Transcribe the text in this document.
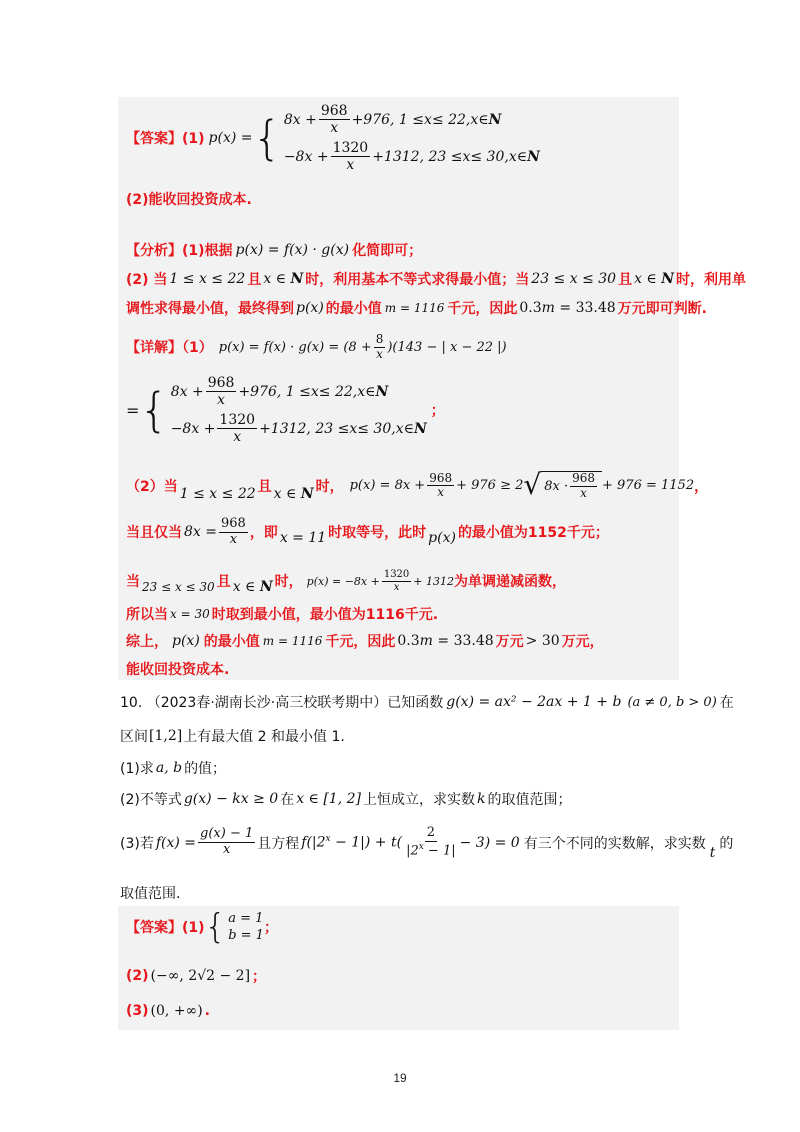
【答案】(1) p ( x ) = { 8 $x + \frac{968}{x} +976$, 1 ≤ x ≤ 22, x ∈ N
−8 $x + \frac{1320}{x} +1312$, 23 ≤ x ≤ 30, x ∈ N
(2)能收回投资成本.
【分析】(1)根据 p(x) = f(x) · g(x) 化简即可；
(2) 当 1 ≤ x ≤ 22 且 x ∈ N 时，利用基本不等式求得最小值；当 23 ≤ x ≤ 30 且 x ∈ N 时，利用单
调性求得最小值，最终得到 p(x) 的最小值 m = 1116 千元，因此 0.3m = 33.48 万元即可判断.
【详解】（1） $p(x) = f(x) \cdot g(x) = (8 + \frac{8}{x} )(143$ − | x − 22 |)
= { 8 $x + \frac{968}{x} +976$, 1 ≤ x ≤ 22, x ∈ N
−8 $x + \frac{1320}{x} +1312$, 23 ≤ x ≤ 30, x ∈ N
；
（2）当 1 ≤ x ≤ 22 且 x ∈ N 时， $p(x) = 8x + \frac{968}{x} + 976 \ge 2$ √ $8x \cdot \frac{968}{x} + 976 = 1152$ ，
当且仅当 $8x = \frac{968}{x}$ ，即 x = 11 时取等号，此时 p(x) 的最小值为1152千元；
当 23 ≤ x ≤ 30 且 x ∈ N 时， $p(x) = -8x + \frac{1320}{x} + 1312$ 为单调递减函数，
所以当 x = 30 时取到最小值，最小值为1116千元.
综上， p(x) 的最小值 m = 1116 千元，因此 0.3m = 33.48 万元 > 30 万元，
能收回投资成本.
10. （2023春·湖南长沙·高三校联考期中）已知函数 g(x) = ax² − 2ax + 1 + b (a ≠ 0, b > 0) 在
区间 [1,2] 上有最大值 2 和最小值 1.
(1)求 a, b 的值；
(2)不等式 g(x) − kx ≥ 0 在 x ∈ [1, 2] 上恒成立，求实数 k 的取值范围；
(3)若 $f(x) = \frac{g(x) - 1}{x}$ 且方程 $f(|2^x - 1|) + t( \frac{2}{|2^x - 1|} - 3) = 0$ 有三个不同的实数解，求实数
t
的
取值范围.
【答案】(1) { a = 1
b = 1 ；
(2) (−∞, 2√2 − 2] ；
(3) (0, +∞) .
19
